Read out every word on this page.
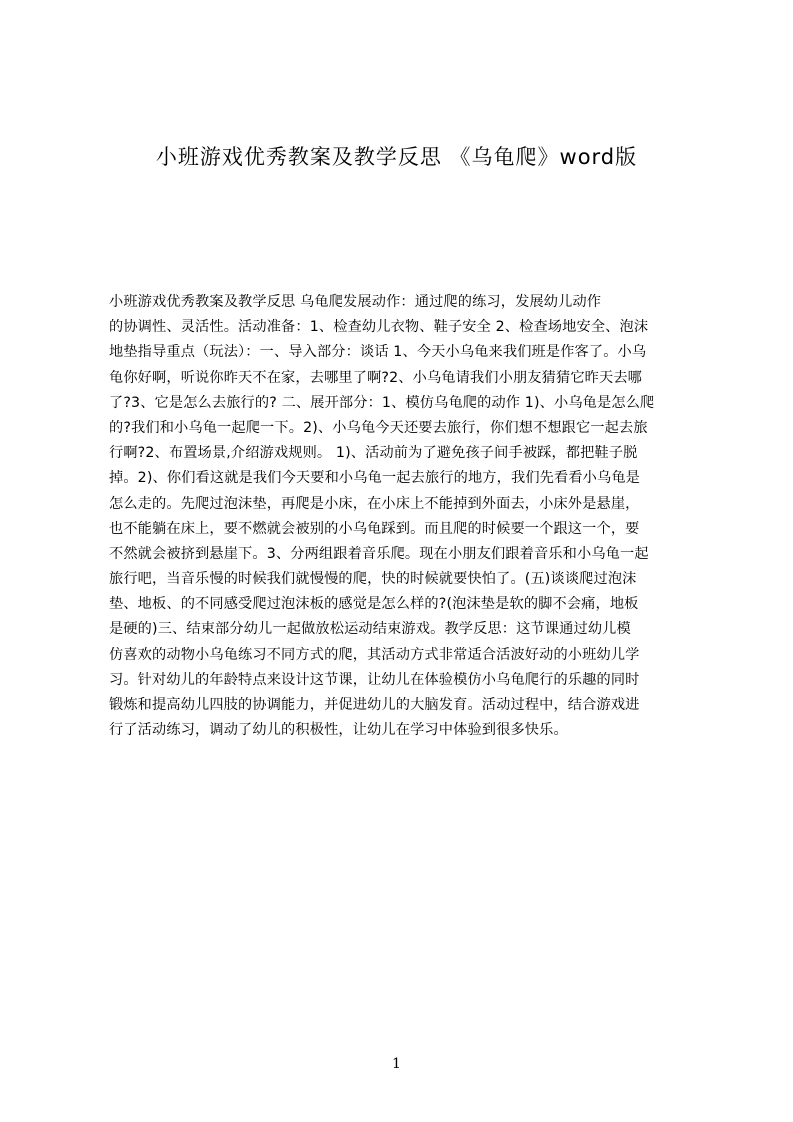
小班游戏优秀教案及教学反思 《乌龟爬》word版
小班游戏优秀教案及教学反思 乌龟爬发展动作：通过爬的练习，发展幼儿动作
的协调性、灵活性。活动准备：1、检查幼儿衣物、鞋子安全 2、检查场地安全、泡沫
地垫指导重点（玩法）：一、导入部分：谈话 1、今天小乌龟来我们班是作客了。小乌
龟你好啊，听说你昨天不在家，去哪里了啊?2、小乌龟请我们小朋友猜猜它昨天去哪
了?3、它是怎么去旅行的? 二、展开部分：1、模仿乌龟爬的动作 1)、小乌龟是怎么爬
的?我们和小乌龟一起爬一下。2)、小乌龟今天还要去旅行，你们想不想跟它一起去旅
行啊?2、布置场景,介绍游戏规则。 1)、活动前为了避免孩子间手被踩，都把鞋子脱
掉。2)、你们看这就是我们今天要和小乌龟一起去旅行的地方，我们先看看小乌龟是
怎么走的。先爬过泡沫垫，再爬是小床，在小床上不能掉到外面去，小床外是悬崖，
也不能躺在床上，要不燃就会被别的小乌龟踩到。而且爬的时候要一个跟这一个，要
不然就会被挤到悬崖下。3、分两组跟着音乐爬。现在小朋友们跟着音乐和小乌龟一起
旅行吧，当音乐慢的时候我们就慢慢的爬，快的时候就要快怕了。(五)谈谈爬过泡沫
垫、地板、的不同感受爬过泡沫板的感觉是怎么样的?(泡沫垫是软的脚不会痛，地板
是硬的)三、结束部分幼儿一起做放松运动结束游戏。教学反思：这节课通过幼儿模
仿喜欢的动物小乌龟练习不同方式的爬，其活动方式非常适合活波好动的小班幼儿学
习。针对幼儿的年龄特点来设计这节课，让幼儿在体验模仿小乌龟爬行的乐趣的同时
锻炼和提高幼儿四肢的协调能力，并促进幼儿的大脑发育。活动过程中，结合游戏进
行了活动练习，调动了幼儿的积极性，让幼儿在学习中体验到很多快乐。
1
